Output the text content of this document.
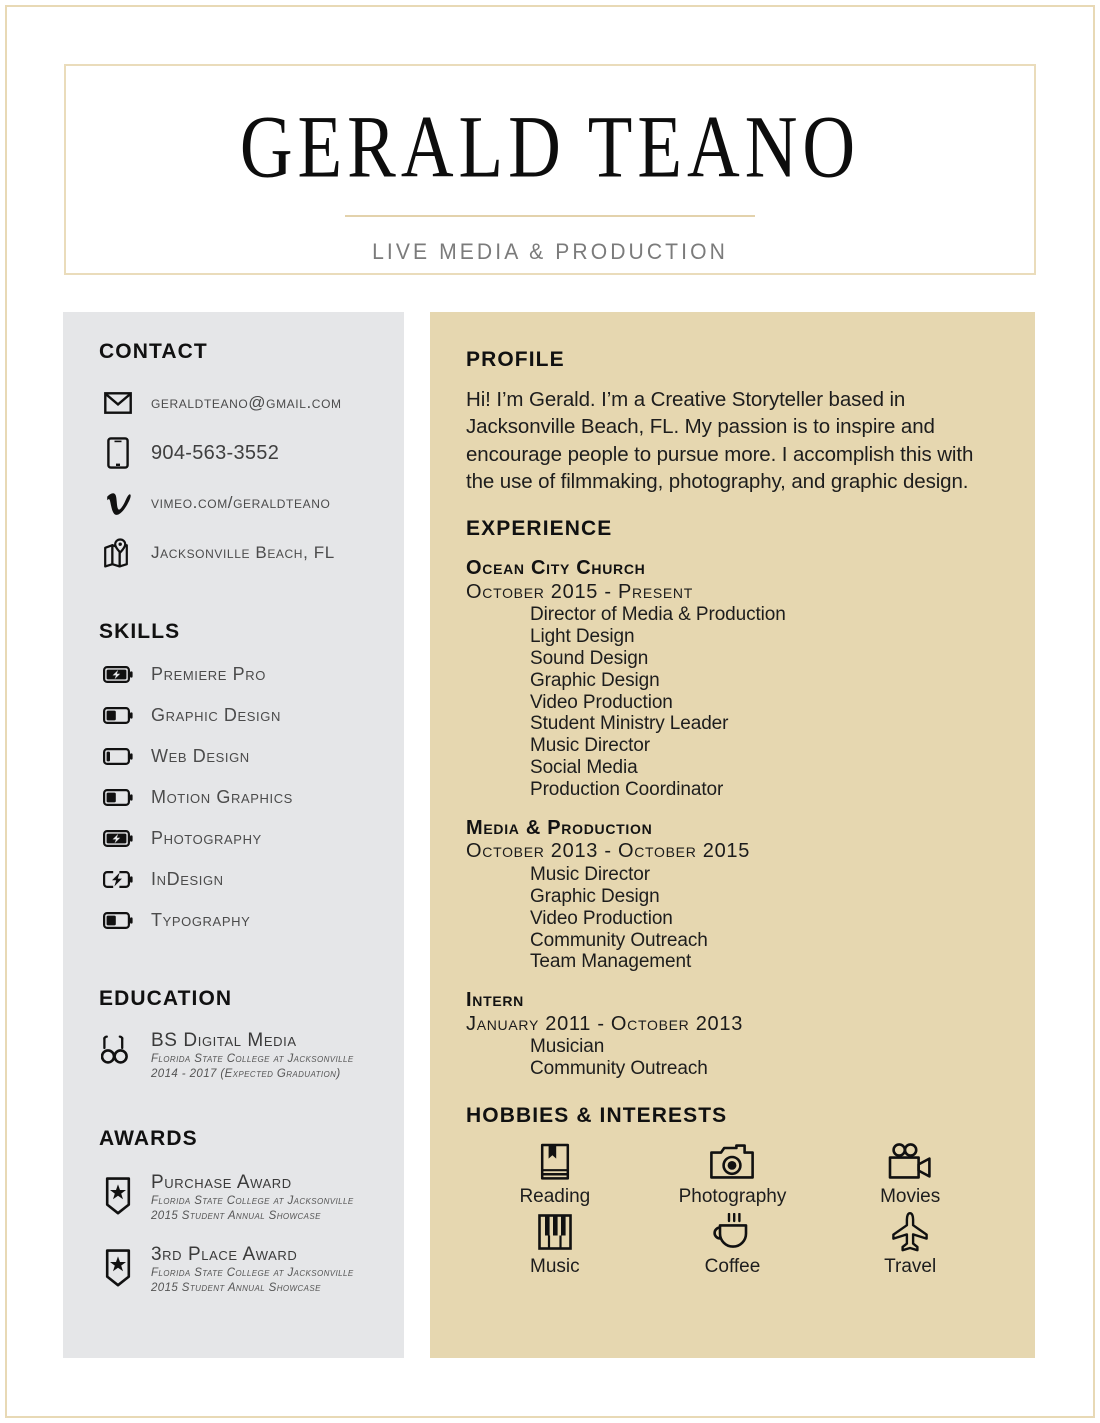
GERALD TEANO
LIVE MEDIA & PRODUCTION
CONTACT
geraldteano@gmail.com
904-563-3552
vimeo.com/geraldteano
Jacksonville Beach, FL
SKILLS
Premiere Pro
Graphic Design
Web Design
Motion Graphics
Photography
InDesign
Typography
EDUCATION
BS Digital Media
Florida State College at Jacksonville
2014 - 2017 (Expected Graduation)
AWARDS
Purchase Award
Florida State College at Jacksonville
2015 Student Annual Showcase
3rd Place Award
Florida State College at Jacksonville
2015 Student Annual Showcase
PROFILE
Hi! I’m Gerald. I’m a Creative Storyteller based in Jacksonville Beach, FL. My passion is to inspire and encourage people to pursue more. I accomplish this with the use of filmmaking, photography, and graphic design.
EXPERIENCE
Ocean City Church
October 2015 - Present
Director of Media & Production
Light Design
Sound Design
Graphic Design
Video Production
Student Ministry Leader
Music Director
Social Media
Production Coordinator
Media & Production
October 2013 - October 2015
Music Director
Graphic Design
Video Production
Community Outreach
Team Management
Intern
January 2011 - October 2013
Musician
Community Outreach
HOBBIES & INTERESTS
Reading	Photography	Movies
Music	Coffee	Travel
